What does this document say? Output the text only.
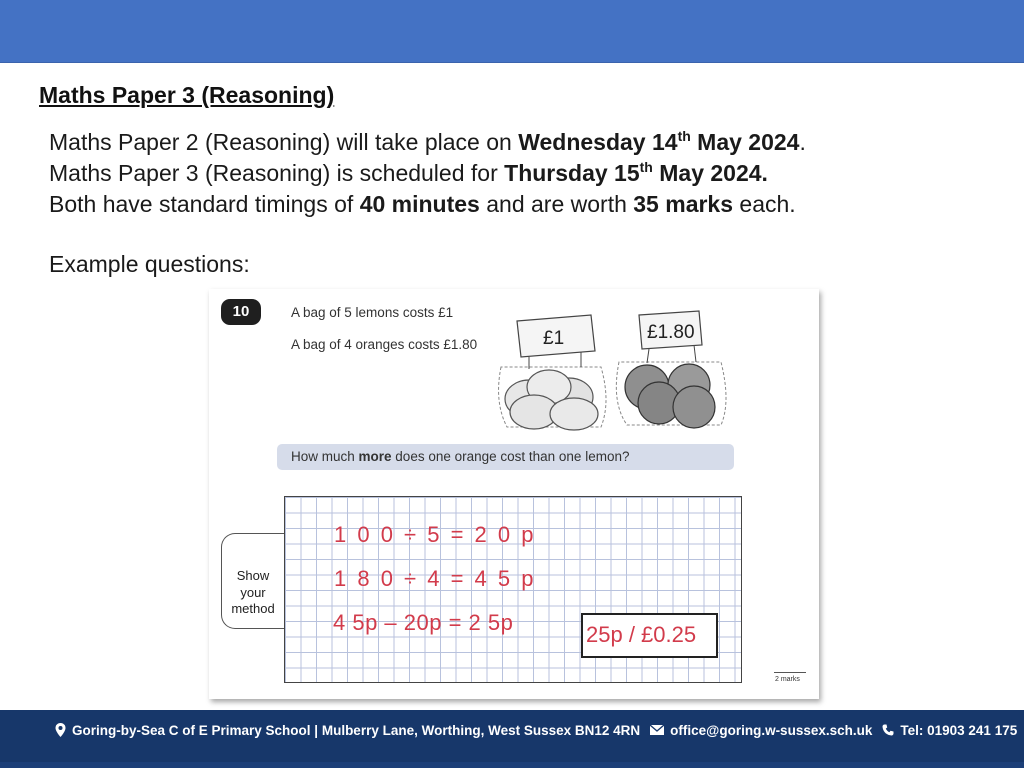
Maths Paper 3 (Reasoning)

Maths Paper 2 (Reasoning) will take place on Wednesday 14th May 2024.

Maths Paper 3 (Reasoning) is scheduled for Thursday 15th May 2024.

Both have standard timings of 40 minutes and are worth 35 marks each.

Example questions:
10	A bag of 5 lemons costs £1
A bag of 4 oranges costs £1.80	£1	£1.80
How much more does one orange cost than one lemon?
Show your method
1 0 0 ÷ 5 = 2 0 p
1 8 0 ÷ 4 = 4 5 p
4 5p – 20p = 2 5p	25p / £0.25
2 marks
Goring-by-Sea C of E Primary School | Mulberry Lane, Worthing, West Sussex BN12 4RN office@goring.w-sussex.sch.uk Tel: 01903 241 175
